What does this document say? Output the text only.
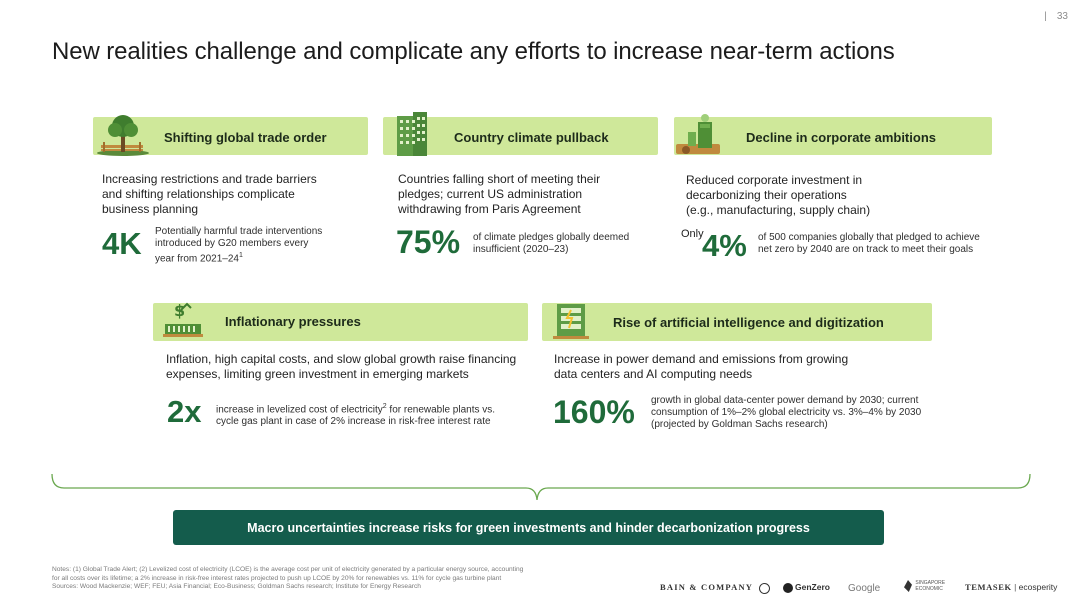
| 33
New realities challenge and complicate any efforts to increase near-term actions
Shifting global trade order
Increasing restrictions and trade barriers
and shifting relationships complicate
business planning
4K Potentially harmful trade interventions
introduced by G20 members every
year from $2021-24^1$
Country climate pullback
Countries falling short of meeting their
pledges; current US administration
withdrawing from Paris Agreement
75% of climate pledges globally deemed
insufficient (2020–23)
Decline in corporate ambitions
Reduced corporate investment in
decarbonizing their operations
(e.g., manufacturing, supply chain)
Only
4% of 500 companies globally that pledged to achieve
net zero by 2040 are on track to meet their goals
$
Inflationary pressures
Inflation, high capital costs, and slow global growth raise financing
expenses, limiting green investment in emerging markets
2x increase in levelized cost of electricity$^2$ for renewable plants vs.
cycle gas plant in case of 2% increase in risk-free interest rate
Rise of artificial intelligence and digitization
Increase in power demand and emissions from growing
data centers and AI computing needs
160% growth in global data-center power demand by 2030; current
consumption of 1%–2% global electricity vs. 3%–4% by 2030
(projected by Goldman Sachs research)
Macro uncertainties increase risks for green investments and hinder decarbonization progress
Notes: (1) Global Trade Alert; (2) Levelized cost of electricity (LCOE) is the average cost per unit of electricity generated by a particular energy source, accounting
for all costs over its lifetime; a 2% increase in risk-free interest rates projected to push up LCOE by 20% for renewables vs. 11% for cycle gas turbine plant
Sources: Wood Mackenzie; WEF; FEU; Asia Financial; Eco-Business; Goldman Sachs research; Institute for Energy Research	BAIN & COMPANY	GenZero Google	SINGAPORE
ECONOMIC	TEMASEK | ecosperity
